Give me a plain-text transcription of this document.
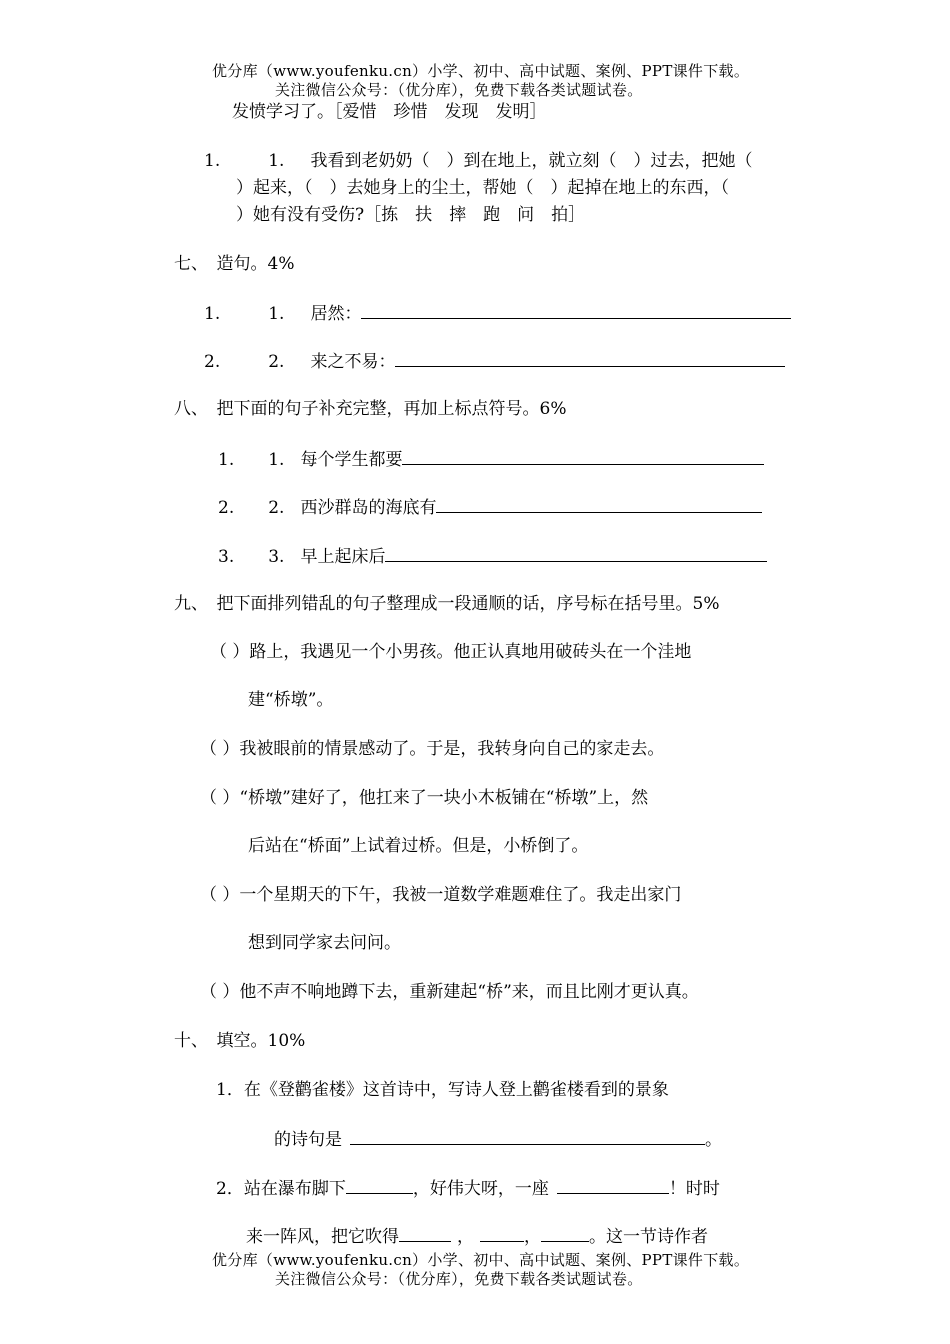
优分库（www.youfenku.cn）小学、初中、高中试题、案例、PPT课件下载。
关注微信公众号：（优分库），免费下载各类试题试卷。
发愤学习了。［爱惜　珍惜　发现　发明］
1.	1. 我看到老奶奶（　）到在地上，就立刻（　）过去，把她（
）起来，（　）去她身上的尘土，帮她（　）起掉在地上的东西，（
）她有没有受伤?［拣　扶　摔　跑　问　拍］
七、　造句。4%
1.	1. 居然：
2.	2. 来之不易：
八、　把下面的句子补充完整，再加上标点符号。6%
1. 1. 每个学生都要
2. 2. 西沙群岛的海底有
3. 3. 早上起床后
九、　把下面排列错乱的句子整理成一段通顺的话，序号标在括号里。5%
（ ）路上，我遇见一个小男孩。他正认真地用破砖头在一个洼地
建“桥墩”。
（ ）我被眼前的情景感动了。于是，我转身向自己的家走去。
（ ）“桥墩”建好了，他扛来了一块小木板铺在“桥墩”上，然
后站在“桥面”上试着过桥。但是，小桥倒了。
（ ）一个星期天的下午，我被一道数学难题难住了。我走出家门
想到同学家去问问。
（ ）他不声不响地蹲下去，重新建起“桥”来，而且比刚才更认真。
十、　填空。10%
1．在《登鹳雀楼》这首诗中，写诗人登上鹳雀楼看到的景象
的诗句是	。
2．站在瀑布脚下	，好伟大呀，一座	！时时
来一阵风，把它吹得	，	，	。这一节诗作者
优分库（www.youfenku.cn）小学、初中、高中试题、案例、PPT课件下载。
关注微信公众号：（优分库），免费下载各类试题试卷。
